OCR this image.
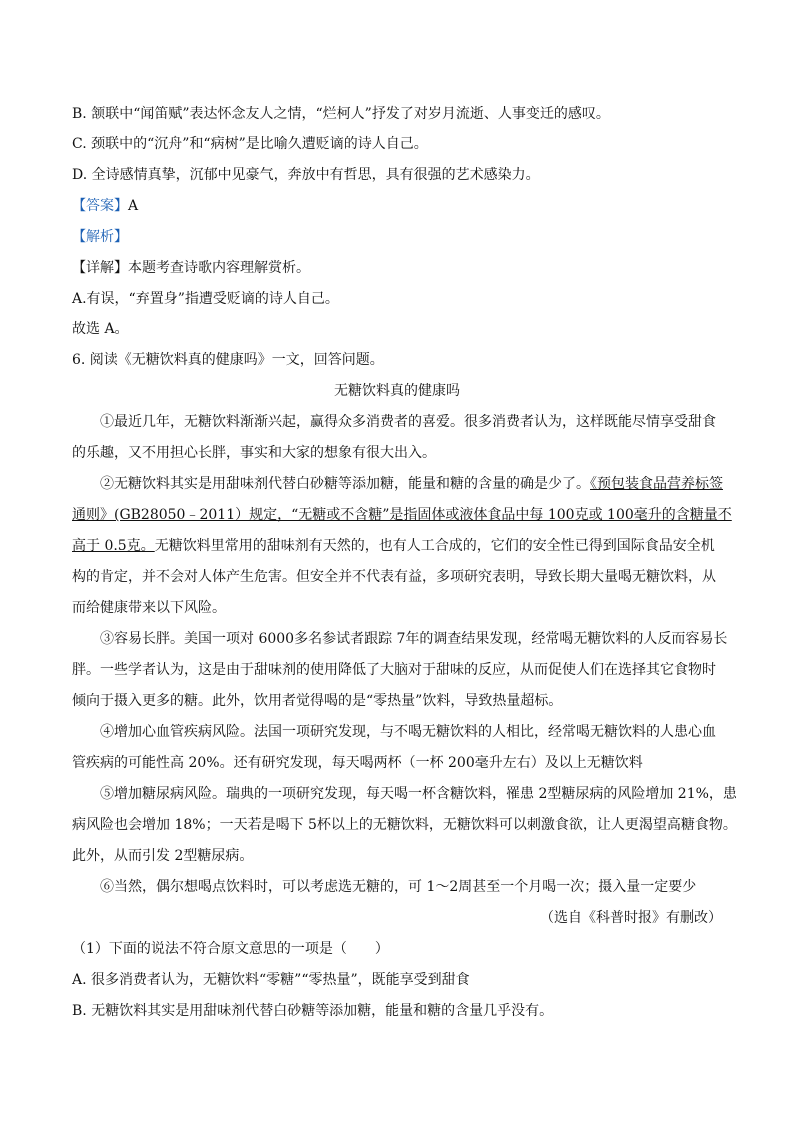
B. 颔联中“闻笛赋”表达怀念友人之情，“烂柯人”抒发了对岁月流逝、人事变迁的感叹。
C. 颈联中的“沉舟”和“病树”是比喻久遭贬谪的诗人自己。
D. 全诗感情真挚，沉郁中见豪气，奔放中有哲思，具有很强的艺术感染力。
【答案】A
【解析】
【详解】本题考查诗歌内容理解赏析。
A.有误，“弃置身”指遭受贬谪的诗人自己。
故选 A。
6. 阅读《无糖饮料真的健康吗》一文，回答问题。
无糖饮料真的健康吗
①最近几年，无糖饮料渐渐兴起，赢得众多消费者的喜爱。很多消费者认为，这样既能尽情享受甜食
的乐趣，又不用担心长胖，事实和大家的想象有很大出入。
②无糖饮料其实是用甜味剂代替白砂糖等添加糖，能量和糖的含量的确是少了。《预包装食品营养标签
通则》(GB28050﹣2011）规定，“无糖或不含糖”是指固体或液体食品中每 100克或 100毫升的含糖量不
高于 0.5克。无糖饮料里常用的甜味剂有天然的，也有人工合成的，它们的安全性已得到国际食品安全机
构的肯定，并不会对人体产生危害。但安全并不代表有益，多项研究表明，导致长期大量喝无糖饮料，从
而给健康带来以下风险。
③容易长胖。美国一项对 6000多名参试者跟踪 7年的调查结果发现，经常喝无糖饮料的人反而容易长
胖。一些学者认为，这是由于甜味剂的使用降低了大脑对于甜味的反应，从而促使人们在选择其它食物时
倾向于摄入更多的糖。此外，饮用者觉得喝的是“零热量”饮料，导致热量超标。
④增加心血管疾病风险。法国一项研究发现，与不喝无糖饮料的人相比，经常喝无糖饮料的人患心血
管疾病的可能性高 20%。还有研究发现，每天喝两杯（一杯 200毫升左右）及以上无糖饮料
⑤增加糖尿病风险。瑞典的一项研究发现，每天喝一杯含糖饮料，罹患 2型糖尿病的风险增加 21%，患
病风险也会增加 18%；一天若是喝下 5杯以上的无糖饮料，无糖饮料可以刺激食欲，让人更渴望高糖食物。
此外，从而引发 2型糖尿病。
⑥当然，偶尔想喝点饮料时，可以考虑选无糖的，可 1～2周甚至一个月喝一次；摄入量一定要少
（选自《科普时报》有删改）
（1）下面的说法不符合原文意思的一项是（　　）
A. 很多消费者认为，无糖饮料“零糖”“零热量”，既能享受到甜食
B. 无糖饮料其实是用甜味剂代替白砂糖等添加糖，能量和糖的含量几乎没有。
